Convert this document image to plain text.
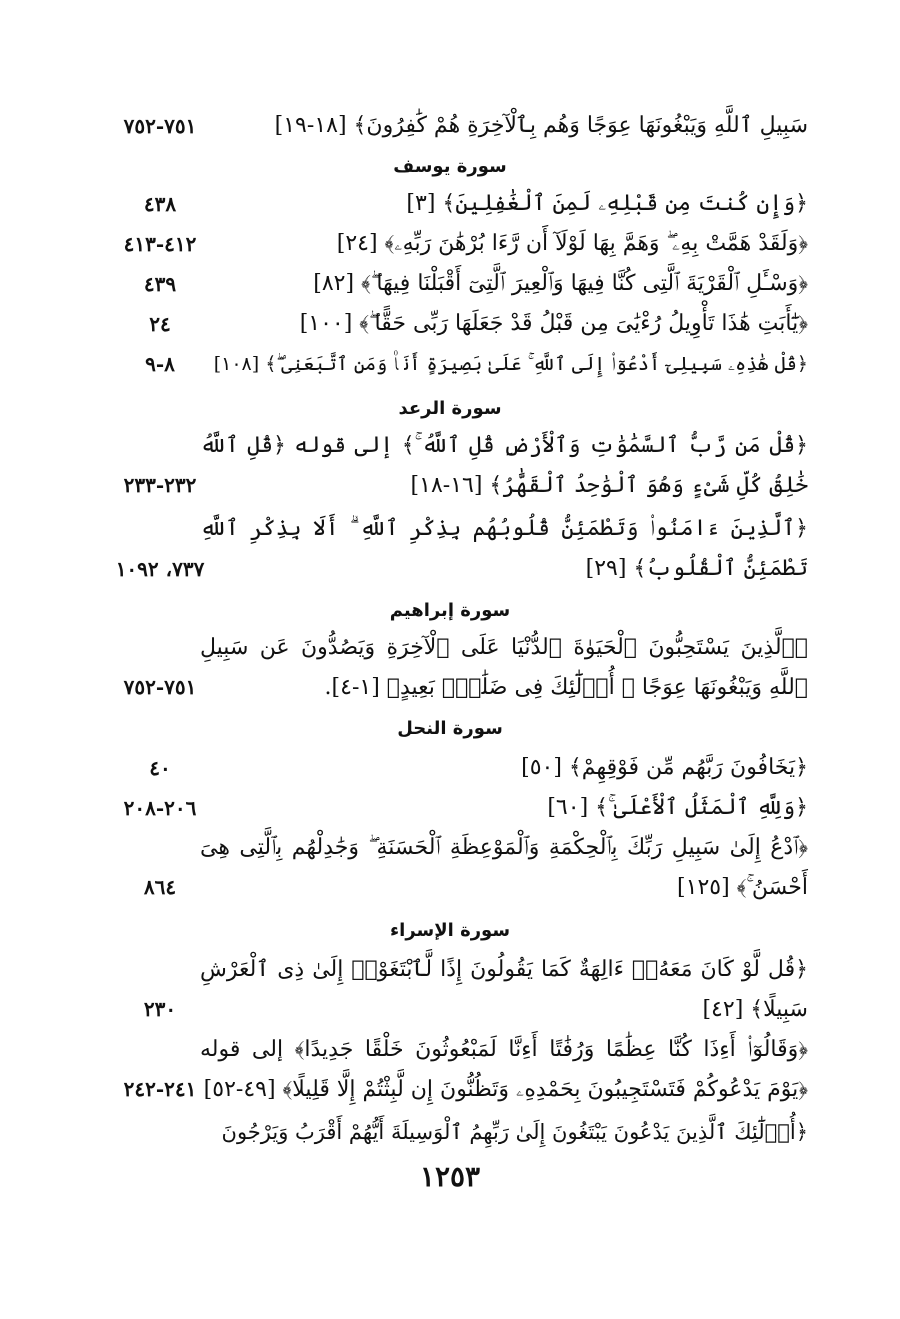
سَبِيلِ ٱللَّهِ وَيَبْغُونَهَا عِوَجًا وَهُم بِٱلْآخِرَةِ هُمْ كَٰفِرُونَ﴾ [١٨-١٩]
٧٥١-٧٥٢
سورة يوسف
﴿وَإِن كُنتَ مِن قَبْلِهِۦ لَمِنَ ٱلْغَٰفِلِينَ﴾ [٣]
٤٣٨
﴿وَلَقَدْ هَمَّتْ بِهِۦ ۖ وَهَمَّ بِهَا لَوْلَآ أَن رَّءَا بُرْهَٰنَ رَبِّهِۦ﴾ [٢٤]
٤١٢-٤١٣
﴿وَسْـَٔلِ ٱلْقَرْيَةَ ٱلَّتِى كُنَّا فِيهَا وَٱلْعِيرَ ٱلَّتِىٓ أَقْبَلْنَا فِيهَا ۖ﴾ [٨٢]
٤٣٩
﴿يَٰٓأَبَتِ هَٰذَا تَأْوِيلُ رُءْيَٰىَ مِن قَبْلُ قَدْ جَعَلَهَا رَبِّى حَقًّا ۖ﴾ [١٠٠]
٢٤
﴿قُلْ هَٰذِهِۦ سَبِيلِىٓ أَدْعُوٓا۟ إِلَى ٱللَّهِ ۚ عَلَىٰ بَصِيرَةٍ أَنَا۠ وَمَنِ ٱتَّبَعَنِى ۖ﴾ [١٠٨]
٨-٩
سورة الرعد
﴿قُلْ مَن رَّبُّ ٱلسَّمَٰوَٰتِ وَٱلْأَرْضِ قُلِ ٱللَّهُ ۚ﴾ إلى قوله ﴿قُلِ ٱللَّهُ خَٰلِقُ كُلِّ شَىْءٍ وَهُوَ ٱلْوَٰحِدُ ٱلْقَهَّٰرُ﴾ [١٦-١٨]
٢٣٢-٢٣٣
﴿ٱلَّذِينَ ءَامَنُوا۟ وَتَطْمَئِنُّ قُلُوبُهُم بِذِكْرِ ٱللَّهِ ۗ أَلَا بِذِكْرِ ٱللَّهِ تَطْمَئِنُّ ٱلْقُلُوبُ﴾ [٢٩]
٧٣٧، ١٠٩٢
سورة إبراهيم
﴿ٱلَّذِينَ يَسْتَحِبُّونَ ٱلْحَيَوٰةَ ٱلدُّنْيَا عَلَى ٱلْآخِرَةِ وَيَصُدُّونَ عَن سَبِيلِ ٱللَّهِ وَيَبْغُونَهَا عِوَجًا ۚ أُو۟لَٰٓئِكَ فِى ضَلَٰلٍۭ بَعِيدٍ﴾ [١-٤].
٧٥١-٧٥٢
سورة النحل
﴿يَخَافُونَ رَبَّهُم مِّن فَوْقِهِمْ﴾ [٥٠]
٤٠
﴿وَلِلَّهِ ٱلْمَثَلُ ٱلْأَعْلَىٰ ۚ﴾ [٦٠]
٢٠٦-٢٠٨
﴿ٱدْعُ إِلَىٰ سَبِيلِ رَبِّكَ بِٱلْحِكْمَةِ وَٱلْمَوْعِظَةِ ٱلْحَسَنَةِ ۖ وَجَٰدِلْهُم بِٱلَّتِى هِىَ أَحْسَنُ ۚ﴾ [١٢٥]
٨٦٤
سورة الإسراء
﴿قُل لَّوْ كَانَ مَعَهُۥٓ ءَالِهَةٌ كَمَا يَقُولُونَ إِذًا لَّٱبْتَغَوْا۟ إِلَىٰ ذِى ٱلْعَرْشِ سَبِيلًا﴾ [٤٢]
٢٣٠
﴿وَقَالُوٓا۟ أَءِذَا كُنَّا عِظَٰمًا وَرُفَٰتًا أَءِنَّا لَمَبْعُوثُونَ خَلْقًا جَدِيدًا﴾ إلى قوله ﴿يَوْمَ يَدْعُوكُمْ فَتَسْتَجِيبُونَ بِحَمْدِهِۦ وَتَظُنُّونَ إِن لَّبِثْتُمْ إِلَّا قَلِيلًا﴾ [٤٩-٥٢]
٢٤١-٢٤٢
﴿أُو۟لَٰٓئِكَ ٱلَّذِينَ يَدْعُونَ يَبْتَغُونَ إِلَىٰ رَبِّهِمُ ٱلْوَسِيلَةَ أَيُّهُمْ أَقْرَبُ وَيَرْجُونَ
١٢٥٣
